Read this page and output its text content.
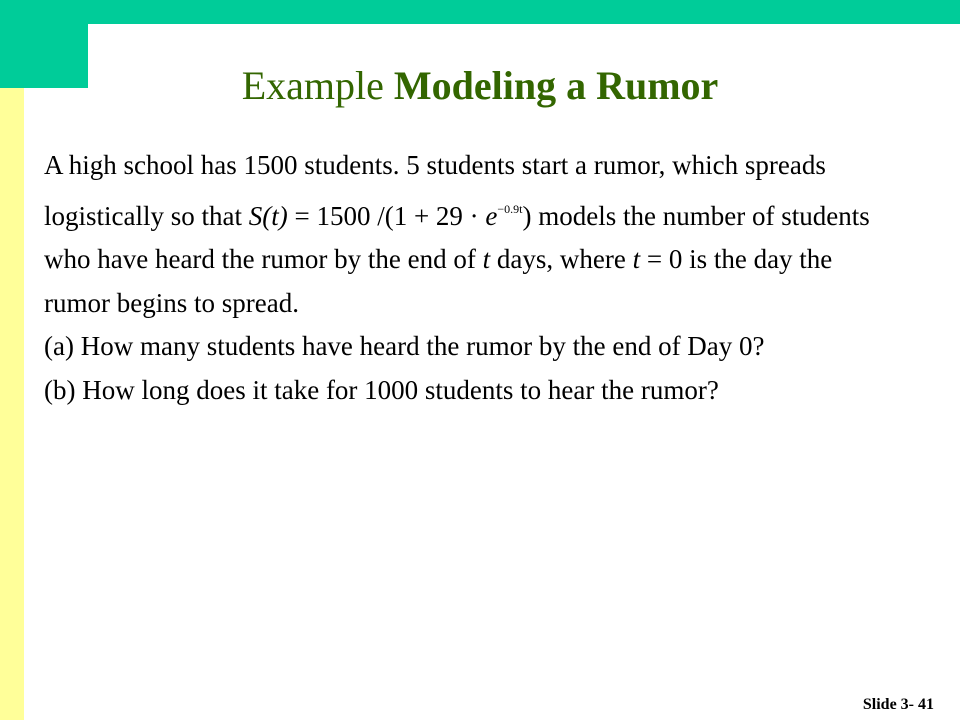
Example Modeling a Rumor
A high school has 1500 students. 5 students start a rumor, which spreads
logistically so that S(t) = 1500 $/(1 + 29 \cdot e^{-0.9t})$ models the number of students
who have heard the rumor by the end of t days, where t = 0 is the day the
rumor begins to spread.
(a) How many students have heard the rumor by the end of Day 0?
(b) How long does it take for 1000 students to hear the rumor?
Slide 3- 41
